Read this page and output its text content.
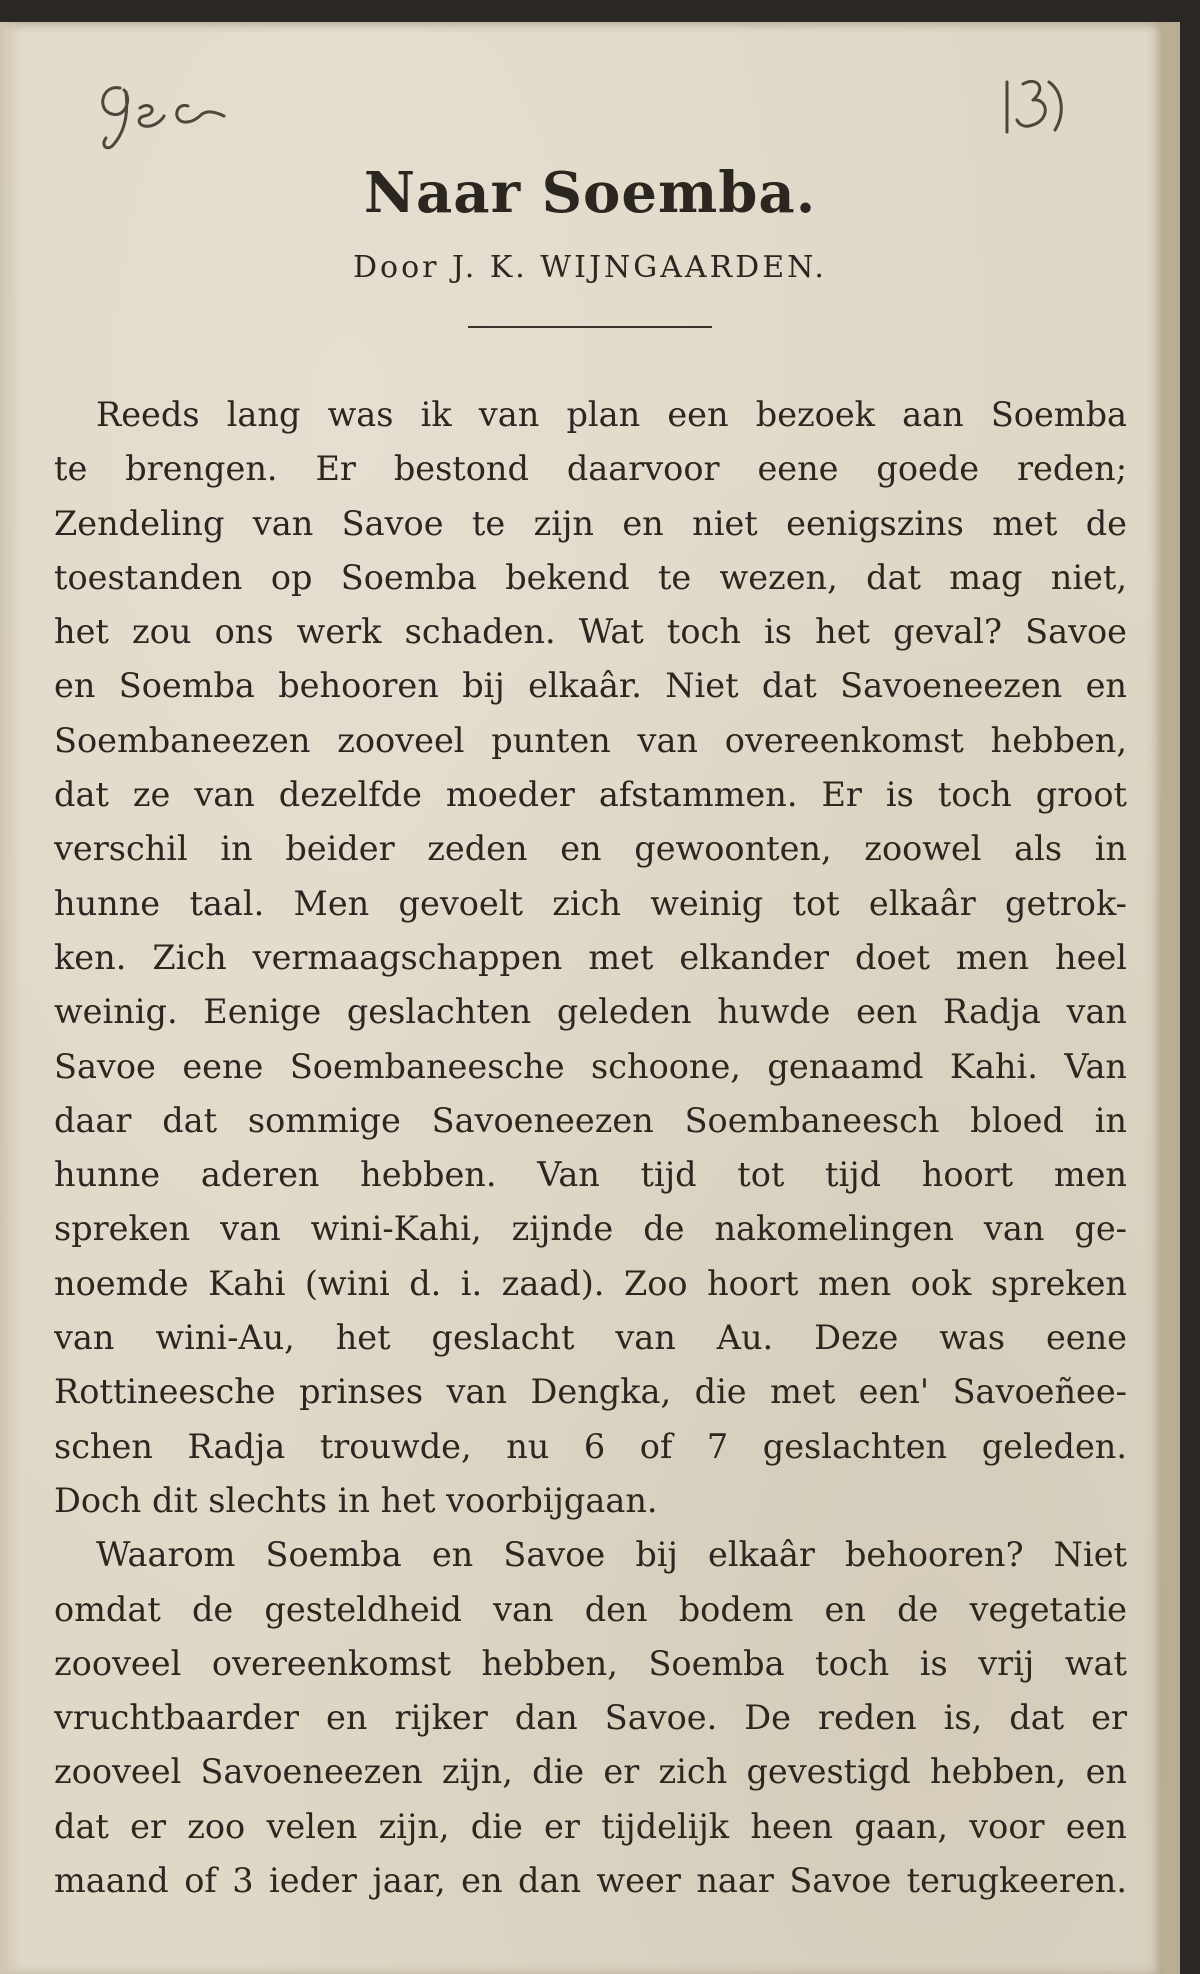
Naar Soemba.
Door J. K. WIJNGAARDEN.
Reeds lang was ik van plan een bezoek aan Soemba
te brengen. Er bestond daarvoor eene goede reden;
Zendeling van Savoe te zijn en niet eenigszins met de
toestanden op Soemba bekend te wezen, dat mag niet,
het zou ons werk schaden. Wat toch is het geval? Savoe
en Soemba behooren bij elkaâr. Niet dat Savoeneezen en
Soembaneezen zooveel punten van overeenkomst hebben,
dat ze van dezelfde moeder afstammen. Er is toch groot
verschil in beider zeden en gewoonten, zoowel als in
hunne taal. Men gevoelt zich weinig tot elkaâr getrok-
ken. Zich vermaagschappen met elkander doet men heel
weinig. Eenige geslachten geleden huwde een Radja van
Savoe eene Soembaneesche schoone, genaamd Kahi. Van
daar dat sommige Savoeneezen Soembaneesch bloed in
hunne aderen hebben. Van tijd tot tijd hoort men
spreken van wini-Kahi, zijnde de nakomelingen van ge-
noemde Kahi (wini d. i. zaad). Zoo hoort men ook spreken
van wini-Au, het geslacht van Au. Deze was eene
Rottineesche prinses van Dengka, die met een' Savoeñee-
schen Radja trouwde, nu 6 of 7 geslachten geleden.
Doch dit slechts in het voorbijgaan.
Waarom Soemba en Savoe bij elkaâr behooren? Niet
omdat de gesteldheid van den bodem en de vegetatie
zooveel overeenkomst hebben, Soemba toch is vrij wat
vruchtbaarder en rijker dan Savoe. De reden is, dat er
zooveel Savoeneezen zijn, die er zich gevestigd hebben, en
dat er zoo velen zijn, die er tijdelijk heen gaan, voor een
maand of 3 ieder jaar, en dan weer naar Savoe terugkeeren.
